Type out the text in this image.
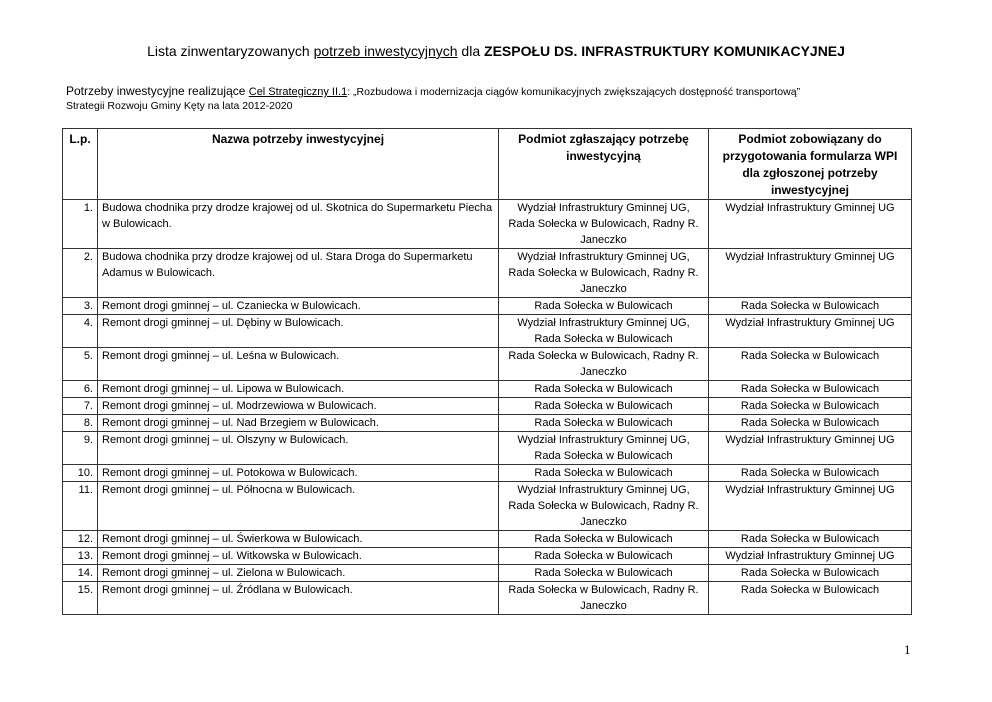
Lista zinwentaryzowanych potrzeb inwestycyjnych dla ZESPOŁU DS. INFRASTRUKTURY KOMUNIKACYJNEJ
Potrzeby inwestycyjne realizujące Cel Strategiczny II.1: „Rozbudowa i modernizacja ciągów komunikacyjnych zwiększających dostępność transportową”
Strategii Rozwoju Gminy Kęty na lata 2012-2020
L.p.	Nazwa potrzeby inwestycyjnej	Podmiot zgłaszający potrzebę inwestycyjną	Podmiot zobowiązany do przygotowania formularza WPI dla zgłoszonej potrzeby inwestycyjnej
1.	Budowa chodnika przy drodze krajowej od ul. Skotnica do Supermarketu Piecha w Bulowicach.	Wydział Infrastruktury Gminnej UG, Rada Sołecka w Bulowicach, Radny R. Janeczko	Wydział Infrastruktury Gminnej UG
2.	Budowa chodnika przy drodze krajowej od ul. Stara Droga do Supermarketu Adamus w Bulowicach.	Wydział Infrastruktury Gminnej UG, Rada Sołecka w Bulowicach, Radny R. Janeczko	Wydział Infrastruktury Gminnej UG
3.	Remont drogi gminnej – ul. Czaniecka w Bulowicach.	Rada Sołecka w Bulowicach	Rada Sołecka w Bulowicach
4.	Remont drogi gminnej – ul. Dębiny w Bulowicach.	Wydział Infrastruktury Gminnej UG, Rada Sołecka w Bulowicach	Wydział Infrastruktury Gminnej UG
5.	Remont drogi gminnej – ul. Leśna w Bulowicach.	Rada Sołecka w Bulowicach, Radny R. Janeczko	Rada Sołecka w Bulowicach
6.	Remont drogi gminnej – ul. Lipowa w Bulowicach.	Rada Sołecka w Bulowicach	Rada Sołecka w Bulowicach
7.	Remont drogi gminnej – ul. Modrzewiowa w Bulowicach.	Rada Sołecka w Bulowicach	Rada Sołecka w Bulowicach
8.	Remont drogi gminnej – ul. Nad Brzegiem w Bulowicach.	Rada Sołecka w Bulowicach	Rada Sołecka w Bulowicach
9.	Remont drogi gminnej – ul. Olszyny w Bulowicach.	Wydział Infrastruktury Gminnej UG, Rada Sołecka w Bulowicach	Wydział Infrastruktury Gminnej UG
10.	Remont drogi gminnej – ul. Potokowa w Bulowicach.	Rada Sołecka w Bulowicach	Rada Sołecka w Bulowicach
11.	Remont drogi gminnej – ul. Północna w Bulowicach.	Wydział Infrastruktury Gminnej UG, Rada Sołecka w Bulowicach, Radny R. Janeczko	Wydział Infrastruktury Gminnej UG
12.	Remont drogi gminnej – ul. Świerkowa w Bulowicach.	Rada Sołecka w Bulowicach	Rada Sołecka w Bulowicach
13.	Remont drogi gminnej – ul. Witkowska w Bulowicach.	Rada Sołecka w Bulowicach	Wydział Infrastruktury Gminnej UG
14.	Remont drogi gminnej – ul. Zielona w Bulowicach.	Rada Sołecka w Bulowicach	Rada Sołecka w Bulowicach
15.	Remont drogi gminnej – ul. Źródlana w Bulowicach.	Rada Sołecka w Bulowicach, Radny R. Janeczko	Rada Sołecka w Bulowicach
1
